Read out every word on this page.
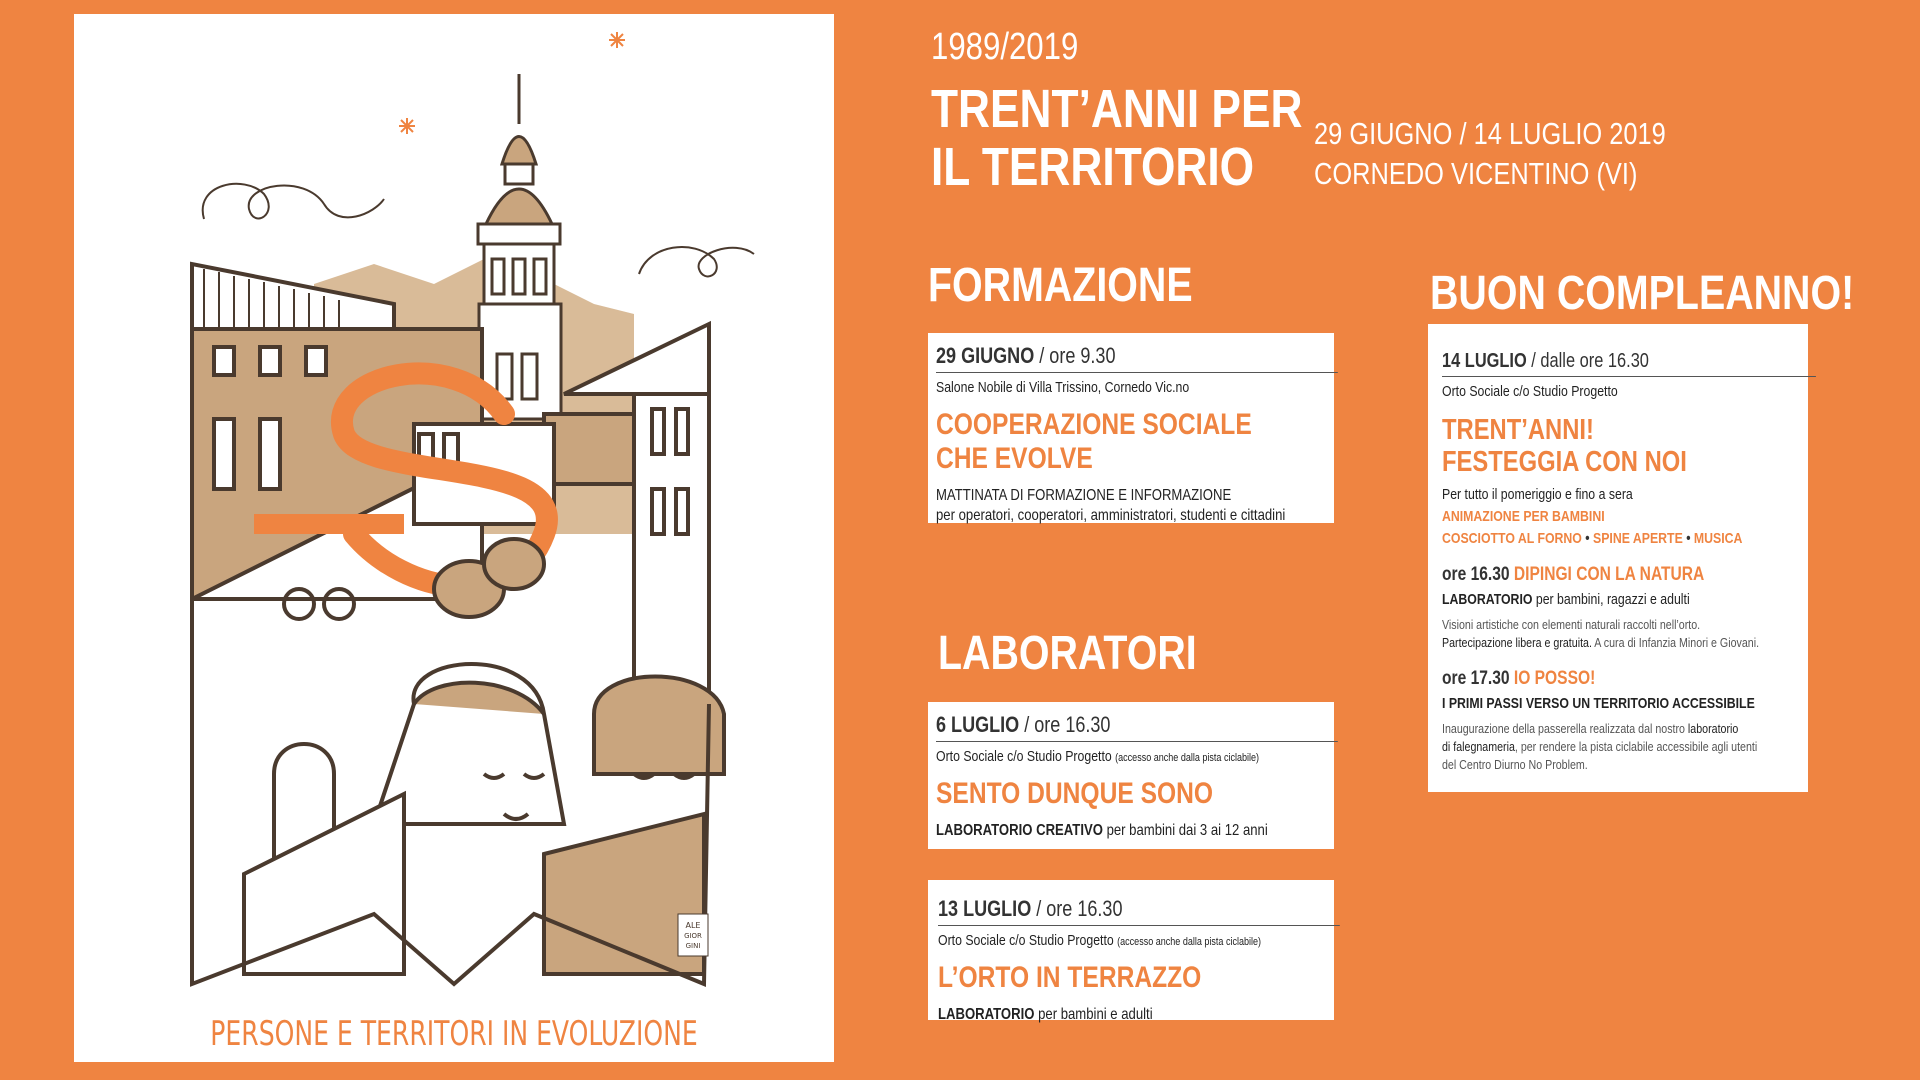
ALE
GIOR
GINI
PERSONE E TERRITORI IN EVOLUZIONE
1989/2019
TRENT’ANNI PER
IL TERRITORIO
29 GIUGNO / 14 LUGLIO 2019
CORNEDO VICENTINO (VI)
FORMAZIONE
29 GIUGNO / ore 9.30
Salone Nobile di Villa Trissino, Cornedo Vic.no
COOPERAZIONE SOCIALE
CHE EVOLVE
MATTINATA DI FORMAZIONE E INFORMAZIONE
per operatori, cooperatori, amministratori, studenti e cittadini
LABORATORI
6 LUGLIO / ore 16.30
Orto Sociale c/o Studio Progetto (accesso anche dalla pista ciclabile)
SENTO DUNQUE SONO
LABORATORIO CREATIVO per bambini dai 3 ai 12 anni
13 LUGLIO / ore 16.30
Orto Sociale c/o Studio Progetto (accesso anche dalla pista ciclabile)
L’ORTO IN TERRAZZO
LABORATORIO per bambini e adulti
BUON COMPLEANNO!
14 LUGLIO / dalle ore 16.30
Orto Sociale c/o Studio Progetto
TRENT’ANNI!
FESTEGGIA CON NOI
Per tutto il pomeriggio e fino a sera
ANIMAZIONE PER BAMBINI
COSCIOTTO AL FORNO • SPINE APERTE • MUSICA
ore 16.30 DIPINGI CON LA NATURA
LABORATORIO per bambini, ragazzi e adulti
Visioni artistiche con elementi naturali raccolti nell’orto.
Partecipazione libera e gratuita. A cura di Infanzia Minori e Giovani.
ore 17.30 IO POSSO!
I PRIMI PASSI VERSO UN TERRITORIO ACCESSIBILE
Inaugurazione della passerella realizzata dal nostro laboratorio
di falegnameria, per rendere la pista ciclabile accessibile agli utenti
del Centro Diurno No Problem.
